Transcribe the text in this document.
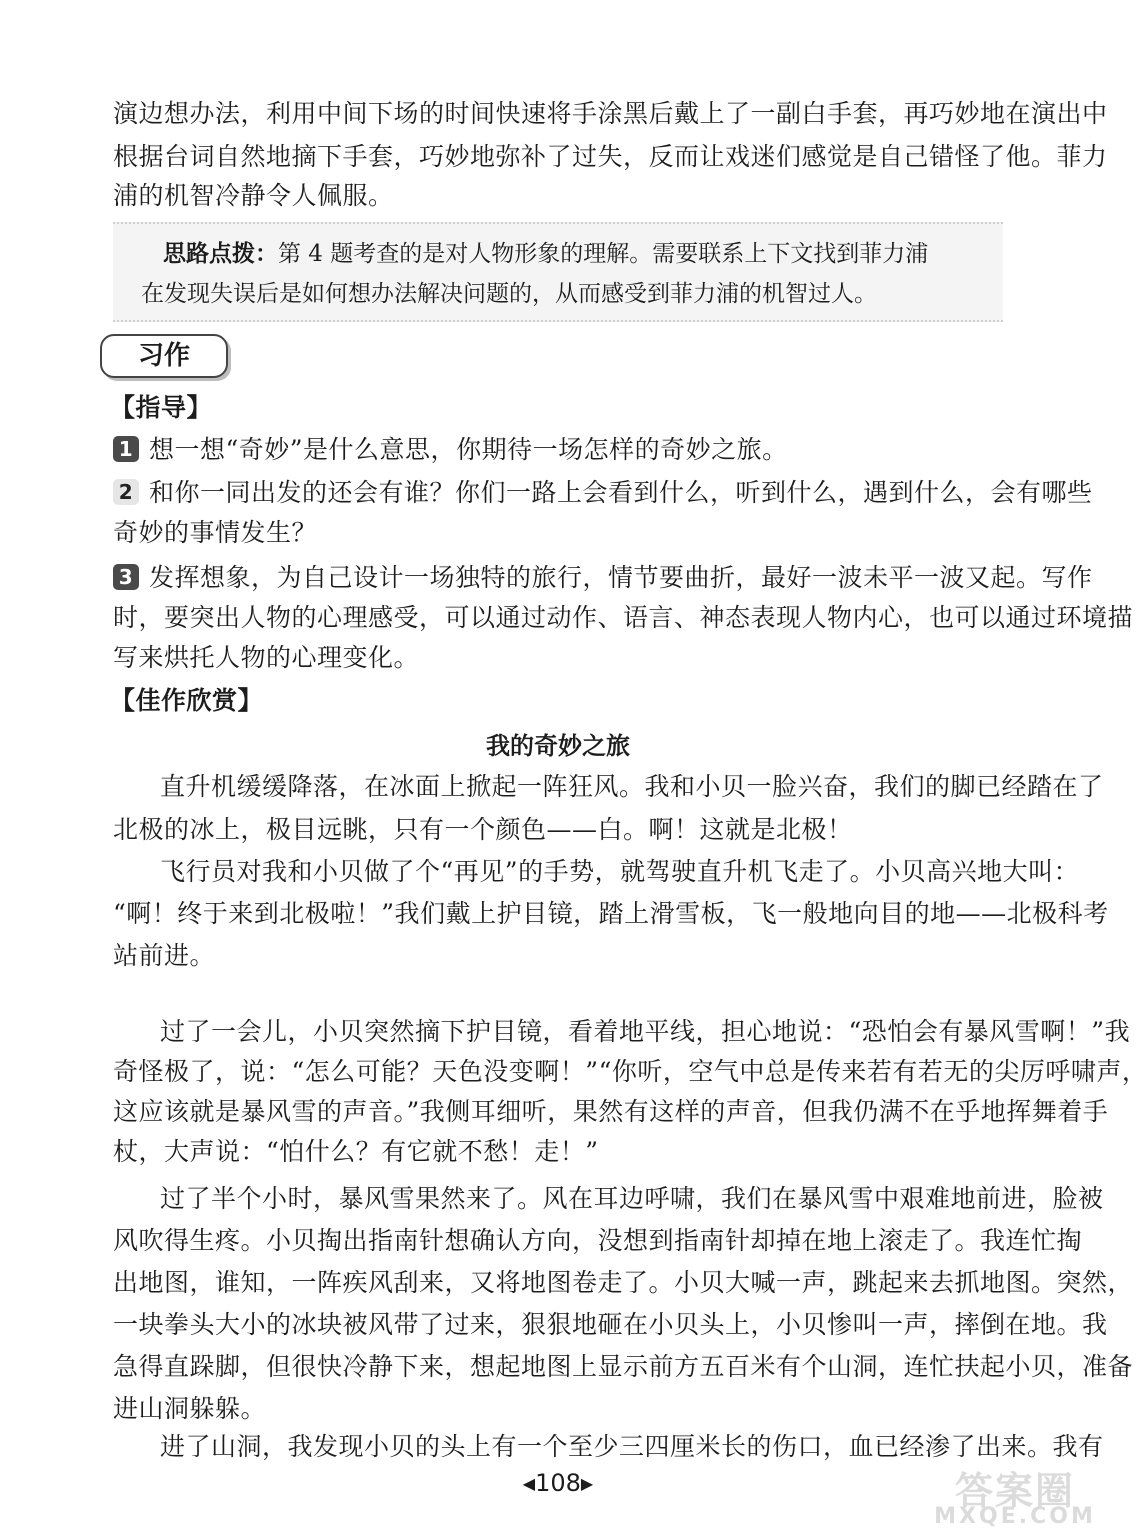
演边想办法，利用中间下场的时间快速将手涂黑后戴上了一副白手套，再巧妙地在演出中
根据台词自然地摘下手套，巧妙地弥补了过失，反而让戏迷们感觉是自己错怪了他。菲力
浦的机智冷静令人佩服。
思路点拨：第 4 题考查的是对人物形象的理解。需要联系上下文找到菲力浦
在发现失误后是如何想办法解决问题的，从而感受到菲力浦的机智过人。
习作
【指导】
1 想一想“奇妙”是什么意思，你期待一场怎样的奇妙之旅。
2 和你一同出发的还会有谁？你们一路上会看到什么，听到什么，遇到什么，会有哪些
奇妙的事情发生？
3 发挥想象，为自己设计一场独特的旅行，情节要曲折，最好一波未平一波又起。写作
时，要突出人物的心理感受，可以通过动作、语言、神态表现人物内心，也可以通过环境描
写来烘托人物的心理变化。
【佳作欣赏】
我的奇妙之旅
直升机缓缓降落，在冰面上掀起一阵狂风。我和小贝一脸兴奋，我们的脚已经踏在了
北极的冰上，极目远眺，只有一个颜色——白。啊！这就是北极！
飞行员对我和小贝做了个“再见”的手势，就驾驶直升机飞走了。小贝高兴地大叫：
“啊！终于来到北极啦！”我们戴上护目镜，踏上滑雪板，飞一般地向目的地——北极科考
站前进。
过了一会儿，小贝突然摘下护目镜，看着地平线，担心地说：“恐怕会有暴风雪啊！”我
奇怪极了，说：“怎么可能？天色没变啊！”“你听，空气中总是传来若有若无的尖厉呼啸声，
这应该就是暴风雪的声音。”我侧耳细听，果然有这样的声音，但我仍满不在乎地挥舞着手
杖，大声说：“怕什么？有它就不愁！走！”
过了半个小时，暴风雪果然来了。风在耳边呼啸，我们在暴风雪中艰难地前进，脸被
风吹得生疼。小贝掏出指南针想确认方向，没想到指南针却掉在地上滚走了。我连忙掏
出地图，谁知，一阵疾风刮来，又将地图卷走了。小贝大喊一声，跳起来去抓地图。突然，
一块拳头大小的冰块被风带了过来，狠狠地砸在小贝头上，小贝惨叫一声，摔倒在地。我
急得直跺脚，但很快冷静下来，想起地图上显示前方五百米有个山洞，连忙扶起小贝，准备
进山洞躲躲。
进了山洞，我发现小贝的头上有一个至少三四厘米长的伤口，血已经渗了出来。我有
◀108▶	答案圈
MXQE.COM
